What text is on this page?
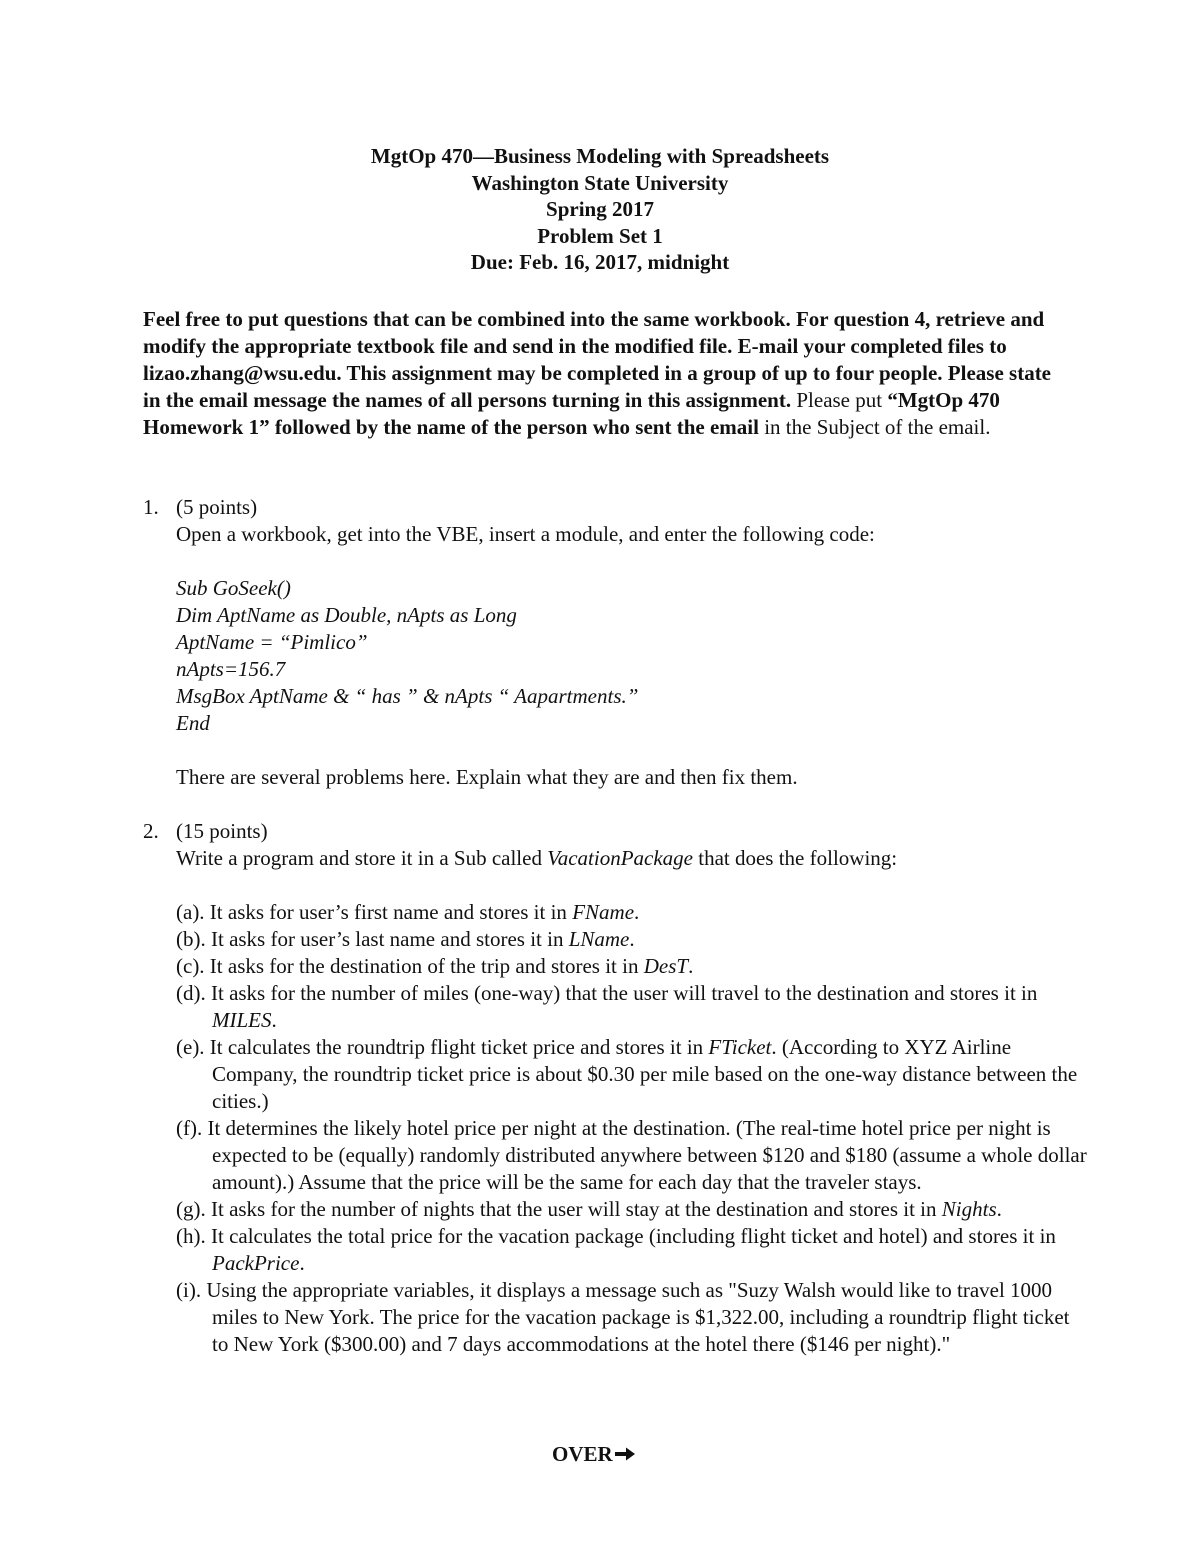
MgtOp 470—Business Modeling with Spreadsheets
Washington State University
Spring 2017
Problem Set 1
Due: Feb. 16, 2017, midnight
Feel free to put questions that can be combined into the same workbook. For question 4, retrieve and modify the appropriate textbook file and send in the modified file. E-mail your completed files to lizao.zhang@wsu.edu. This assignment may be completed in a group of up to four people. Please state in the email message the names of all persons turning in this assignment. Please put “MgtOp 470 Homework 1” followed by the name of the person who sent the email in the Subject of the email.
1. (5 points)
Open a workbook, get into the VBE, insert a module, and enter the following code:
Sub GoSeek()
Dim AptName as Double, nApts as Long
AptName = “Pimlico”
nApts=156.7
MsgBox AptName & “ has ” & nApts “ Aapartments.”
End
There are several problems here. Explain what they are and then fix them.
2. (15 points)
Write a program and store it in a Sub called VacationPackage that does the following:
(a). It asks for user’s first name and stores it in FName.
(b). It asks for user’s last name and stores it in LName.
(c). It asks for the destination of the trip and stores it in DesT.
(d). It asks for the number of miles (one-way) that the user will travel to the destination and stores it in MILES.
(e). It calculates the roundtrip flight ticket price and stores it in FTicket. (According to XYZ Airline Company, the roundtrip ticket price is about $0.30 per mile based on the one-way distance between the cities.)
(f). It determines the likely hotel price per night at the destination. (The real-time hotel price per night is expected to be (equally) randomly distributed anywhere between $120 and $180 (assume a whole dollar amount).) Assume that the price will be the same for each day that the traveler stays.
(g). It asks for the number of nights that the user will stay at the destination and stores it in Nights.
(h). It calculates the total price for the vacation package (including flight ticket and hotel) and stores it in PackPrice.
(i). Using the appropriate variables, it displays a message such as "Suzy Walsh would like to travel 1000 miles to New York. The price for the vacation package is $1,322.00, including a roundtrip flight ticket to New York ($300.00) and 7 days accommodations at the hotel there ($146 per night)."
OVER
